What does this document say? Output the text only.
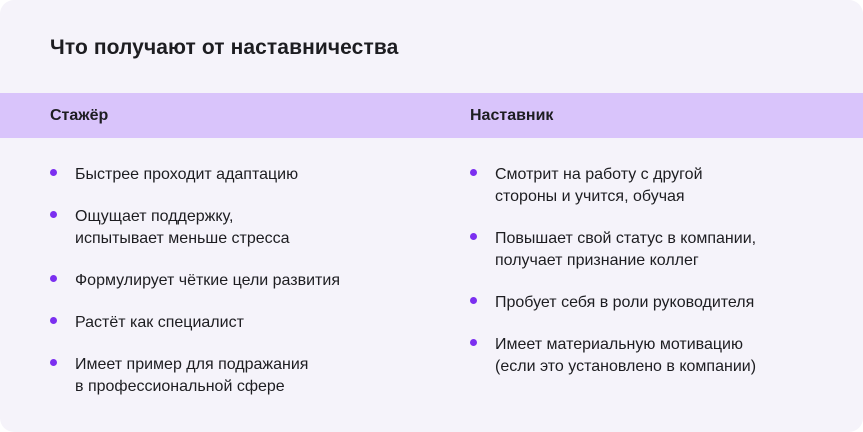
Что получают от наставничества
Стажёр	Наставник
Быстрее проходит адаптацию
Ощущает поддержку,
испытывает меньше стресса
Формулирует чёткие цели развития
Растёт как специалист
Имеет пример для подражания
в профессиональной сфере
Смотрит на работу с другой
стороны и учится, обучая
Повышает свой статус в компании,
получает признание коллег
Пробует себя в роли руководителя
Имеет материальную мотивацию
(если это установлено в компании)
